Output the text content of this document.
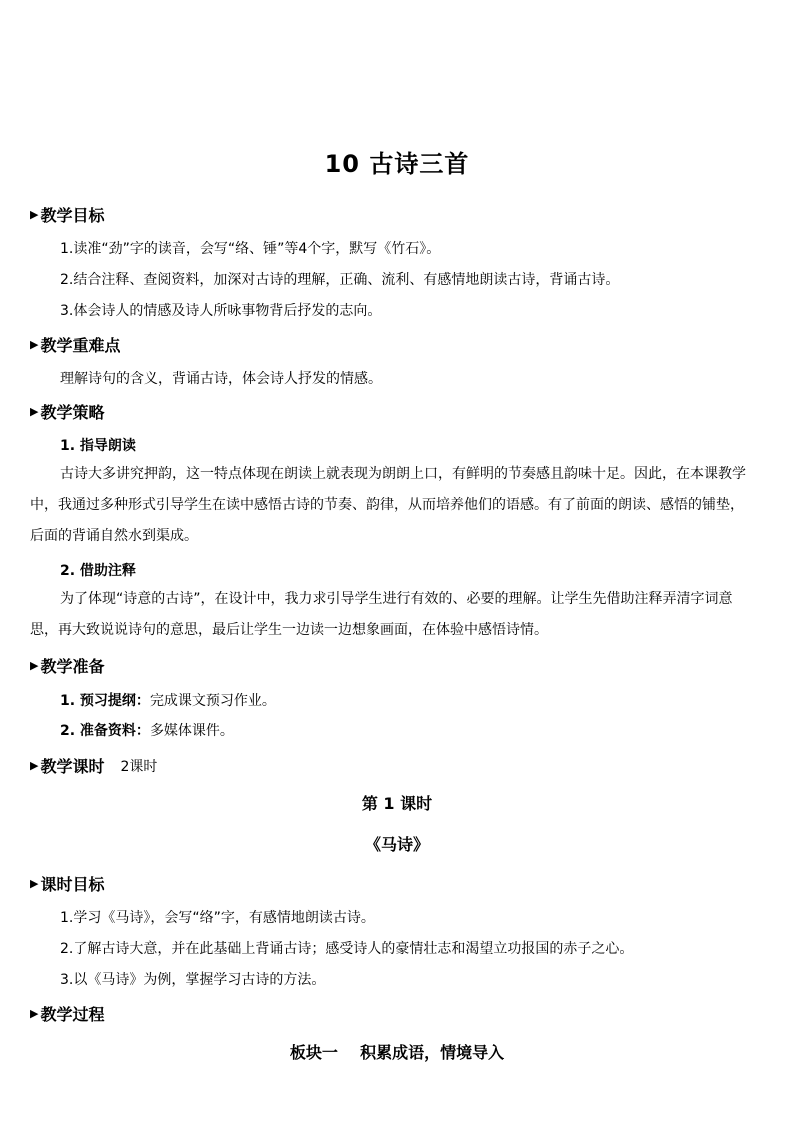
10 古诗三首
▶ 教学目标
1.读准“劲”字的读音，会写“络、锤”等4个字，默写《竹石》。
2.结合注释、查阅资料，加深对古诗的理解，正确、流利、有感情地朗读古诗，背诵古诗。
3.体会诗人的情感及诗人所咏事物背后抒发的志向。
▶ 教学重难点
理解诗句的含义，背诵古诗，体会诗人抒发的情感。
▶ 教学策略
1. 指导朗读
古诗大多讲究押韵，这一特点体现在朗读上就表现为朗朗上口，有鲜明的节奏感且韵味十足。因此，在本课教学中，我通过多种形式引导学生在读中感悟古诗的节奏、韵律，从而培养他们的语感。有了前面的朗读、感悟的铺垫，后面的背诵自然水到渠成。
2. 借助注释
为了体现“诗意的古诗”，在设计中，我力求引导学生进行有效的、必要的理解。让学生先借助注释弄清字词意思，再大致说说诗句的意思，最后让学生一边读一边想象画面，在体验中感悟诗情。
▶ 教学准备
1. 预习提纲：完成课文预习作业。
2. 准备资料：多媒体课件。
▶ 教学课时 2课时
第 1 课时
《马诗》
▶ 课时目标
1.学习《马诗》，会写“络”字，有感情地朗读古诗。
2.了解古诗大意，并在此基础上背诵古诗；感受诗人的豪情壮志和渴望立功报国的赤子之心。
3.以《马诗》为例，掌握学习古诗的方法。
▶ 教学过程
板块一    积累成语，情境导入
